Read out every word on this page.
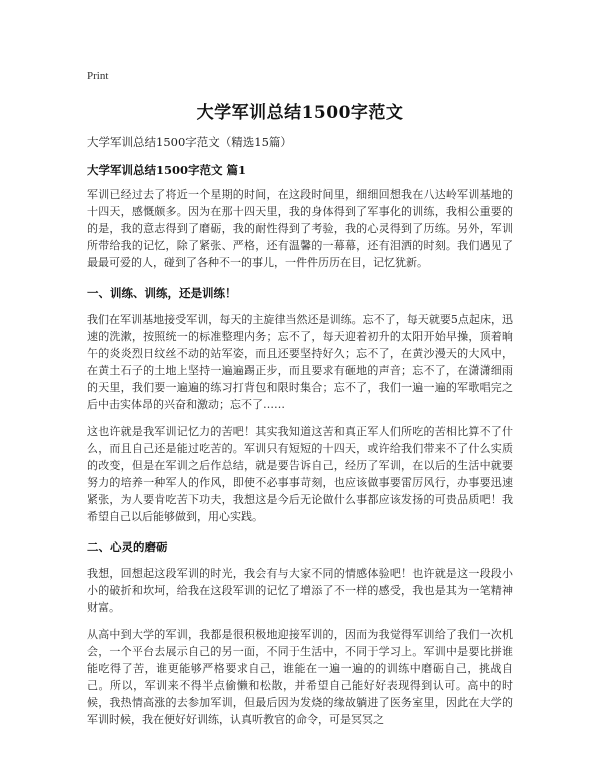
Print
大学军训总结1500字范文
大学军训总结1500字范文（精选15篇）
大学军训总结1500字范文 篇1
军训已经过去了将近一个星期的时间，在这段时间里，细细回想我在八达岭军训基地的十四天，感慨颇多。因为在那十四天里，我的身体得到了军事化的训练，我相公重要的的是，我的意志得到了磨砺，我的耐性得到了考验，我的心灵得到了历练。另外，军训所带给我的记忆，除了紧张、严格，还有温馨的一幕幕，还有泪洒的时刻。我们遇见了最最可爱的人，碰到了各种不一的事儿，一件件历历在目，记忆犹新。
一、训练、训练，还是训练！
我们在军训基地接受军训，每天的主旋律当然还是训练。忘不了，每天就要5点起床，迅速的洗漱，按照统一的标准整理内务；忘不了，每天迎着初升的太阳开始早操，顶着晌午的炎炎烈日纹丝不动的站军姿，而且还要坚持好久；忘不了，在黄沙漫天的大风中，在黄土石子的土地上坚持一遍遍踢正步，而且要求有砸地的声音；忘不了，在潇潇细雨的天里，我们要一遍遍的练习打背包和限时集合；忘不了，我们一遍一遍的军歌唱完之后中击实体昂的兴奋和激动；忘不了……
这也许就是我军训记忆力的苦吧！其实我知道这苦和真正军人们所吃的苦相比算不了什么，而且自己还是能过吃苦的。军训只有短短的十四天，或许给我们带来不了什么实质的改变，但是在军训之后作总结，就是要告诉自己，经历了军训，在以后的生活中就要努力的培养一种军人的作风，即使不必事事苛刻，也应该做事要雷厉风行，办事要迅速紧张，为人要肯吃苦下功夫，我想这是今后无论做什么事都应该发扬的可贵品质吧！我希望自己以后能够做到，用心实践。
二、心灵的磨砺
我想，回想起这段军训的时光，我会有与大家不同的情感体验吧！也许就是这一段段小小的破折和坎坷，给我在这段军训的记忆了增添了不一样的感受，我也是其为一笔精神财富。
从高中到大学的军训，我都是很积极地迎接军训的，因而为我觉得军训给了我们一次机会，一个平台去展示自己的另一面，不同于生活中，不同于学习上。军训中是要比拼谁能吃得了苦，谁更能够严格要求自己，谁能在一遍一遍的的训练中磨砺自己，挑战自己。所以，军训来不得半点偷懒和松散，并希望自己能好好表现得到认可。高中的时候，我热情高涨的去参加军训，但最后因为发烧的缘故躺进了医务室里，因此在大学的军训时候，我在便好好训练，认真听教官的命令，可是冥冥之
